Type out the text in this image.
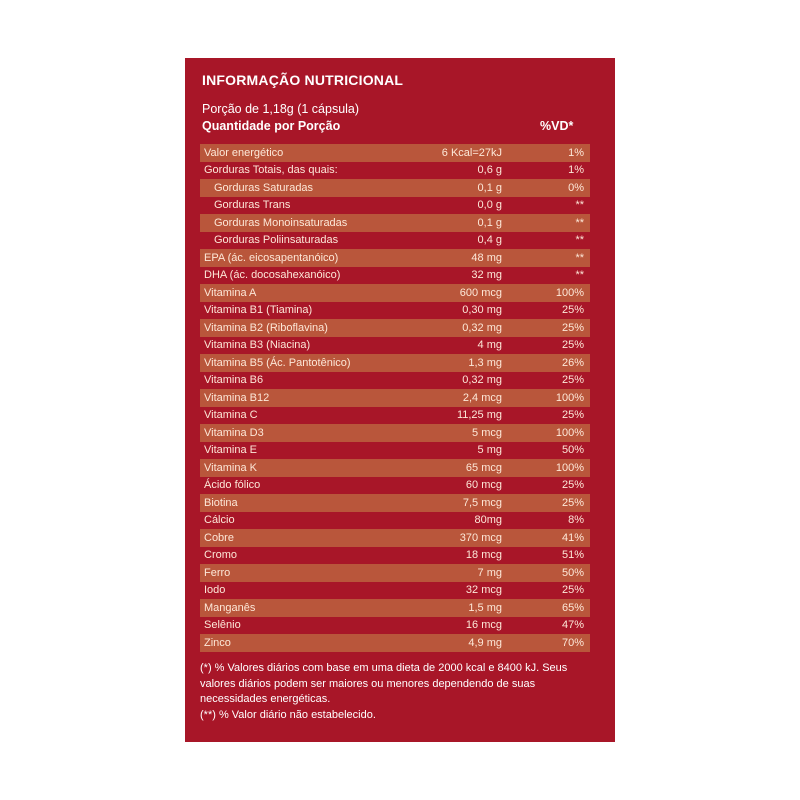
INFORMAÇÃO NUTRICIONAL
Porção de 1,18g (1 cápsula)
Quantidade por Porção	%VD*
Valor energético	6 Kcal=27kJ	1%
Gorduras Totais, das quais:	0,6 g	1%
Gorduras Saturadas	0,1 g	0%
Gorduras Trans	0,0 g	**
Gorduras Monoinsaturadas	0,1 g	**
Gorduras Poliinsaturadas	0,4 g	**
EPA (ác. eicosapentanóico)	48 mg	**
DHA (ác. docosahexanóico)	32 mg	**
Vitamina A	600 mcg	100%
Vitamina B1 (Tiamina)	0,30 mg	25%
Vitamina B2 (Riboflavina)	0,32 mg	25%
Vitamina B3 (Niacina)	4 mg	25%
Vitamina B5 (Ác. Pantotênico)	1,3 mg	26%
Vitamina B6	0,32 mg	25%
Vitamina B12	2,4 mcg	100%
Vitamina C	11,25 mg	25%
Vitamina D3	5 mcg	100%
Vitamina E	5 mg	50%
Vitamina K	65 mcg	100%
Ácido fólico	60 mcg	25%
Biotina	7,5 mcg	25%
Cálcio	80mg	8%
Cobre	370 mcg	41%
Cromo	18 mcg	51%
Ferro	7 mg	50%
Iodo	32 mcg	25%
Manganês	1,5 mg	65%
Selênio	16 mcg	47%
Zinco	4,9 mg	70%

(*) % Valores diários com base em uma dieta de 2000 kcal e 8400 kJ. Seus valores diários podem ser maiores ou menores dependendo de suas necessidades energéticas.

(**) % Valor diário não estabelecido.
